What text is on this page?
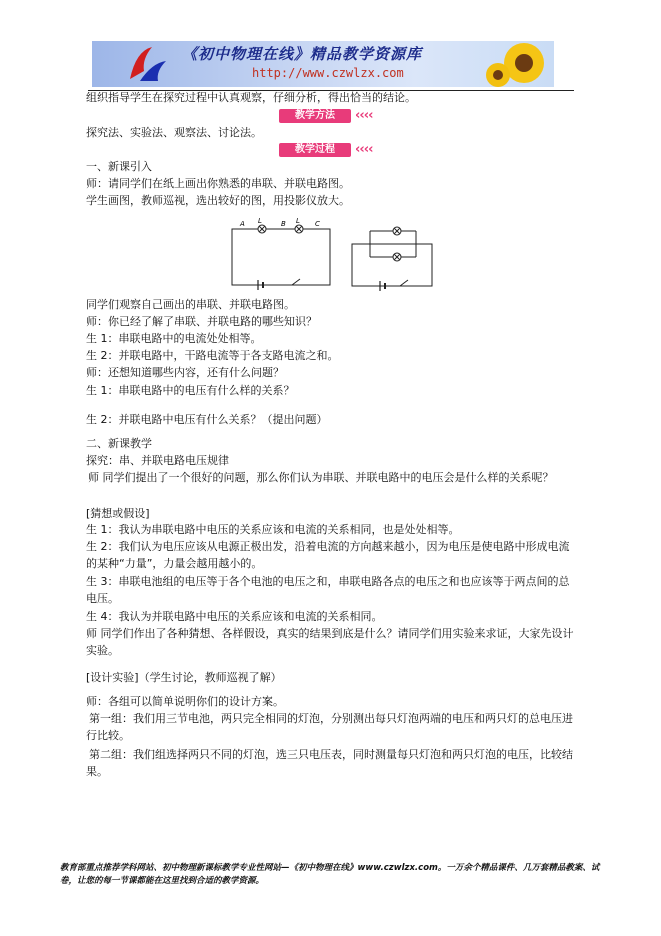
《初中物理在线》精品教学资源库
http://www.czwlzx.com
组织指导学生在探究过程中认真观察，仔细分析，得出恰当的结论。
教学方法	‹‹‹‹
探究法、实验法、观察法、讨论法。
教学过程	‹‹‹‹
一、新课引入
师：请同学们在纸上画出你熟悉的串联、并联电路图。
学生画图，教师巡视，选出较好的图，用投影仪放大。
A L	B L C
同学们观察自己画出的串联、并联电路图。
师：你已经了解了串联、并联电路的哪些知识？
生 1：串联电路中的电流处处相等。
生 2：并联电路中，干路电流等于各支路电流之和。
师：还想知道哪些内容，还有什么问题？
生 1：串联电路中的电压有什么样的关系？
生 2：并联电路中电压有什么关系？（提出问题）
二、新课教学
探究：串、并联电路电压规律
师 同学们提出了一个很好的问题，那么你们认为串联、并联电路中的电压会是什么样的关系呢？
[猜想或假设]
生 1：我认为串联电路中电压的关系应该和电流的关系相同，也是处处相等。
生 2：我们认为电压应该从电源正极出发，沿着电流的方向越来越小，因为电压是使电路中形成电流的某种“力量”，力量会越用越小的。
生 3：串联电池组的电压等于各个电池的电压之和，串联电路各点的电压之和也应该等于两点间的总电压。
生 4：我认为并联电路中电压的关系应该和电流的关系相同。
师 同学们作出了各种猜想、各样假设，真实的结果到底是什么？请同学们用实验来求证，大家先设计实验。
[设计实验]（学生讨论，教师巡视了解）
师：各组可以简单说明你们的设计方案。
第一组：我们用三节电池，两只完全相同的灯泡，分别测出每只灯泡两端的电压和两只灯的总电压进行比较。
第二组：我们组选择两只不同的灯泡，选三只电压表，同时测量每只灯泡和两只灯泡的电压，比较结果。
教育部重点推荐学科网站、初中物理新课标教学专业性网站—《初中物理在线》www.czwlzx.com。一万余个精品课件、几万套精品教案、试卷，让您的每一节课都能在这里找到合适的教学资源。
